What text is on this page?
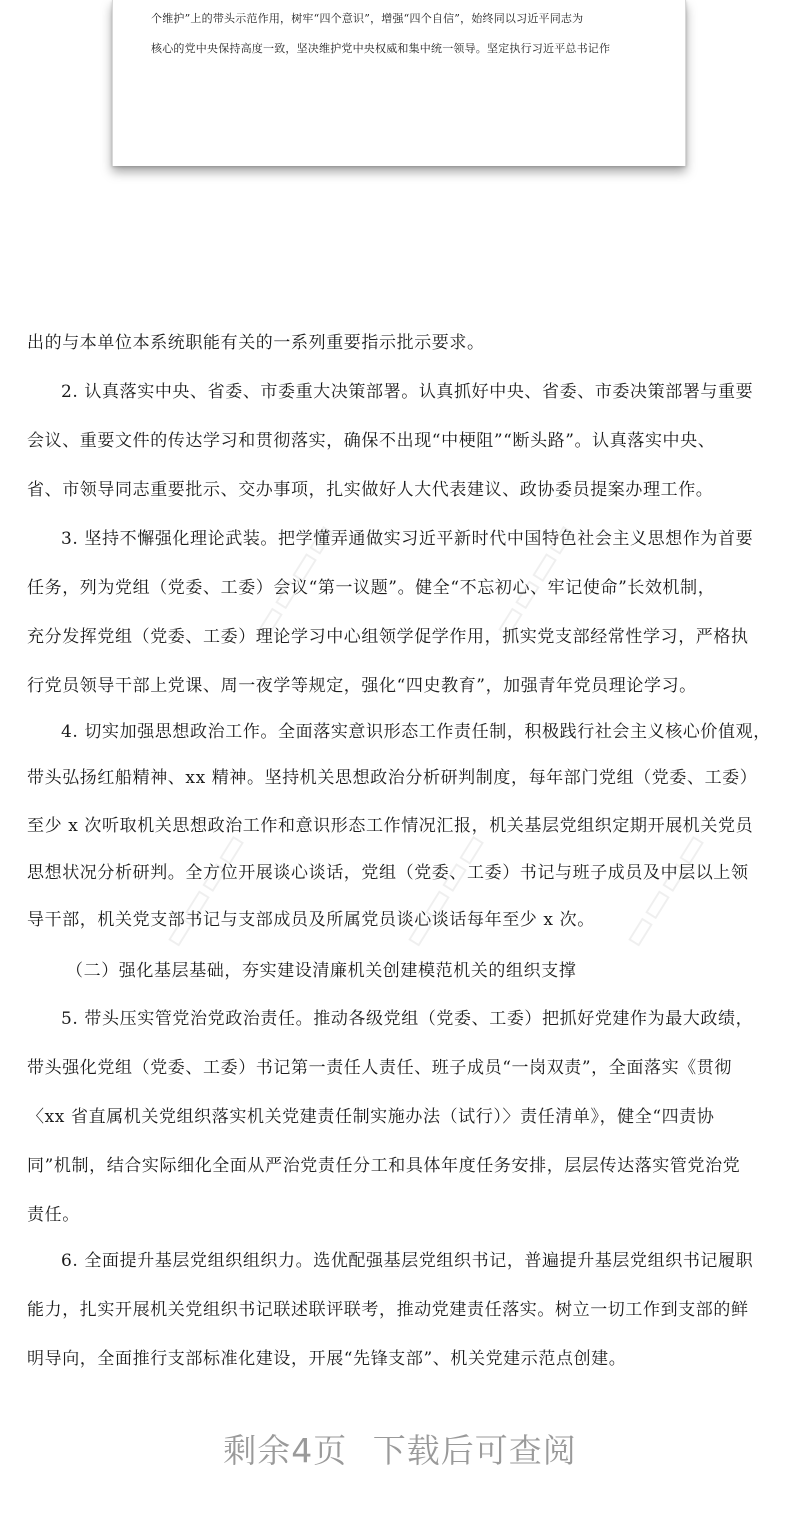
个维护”上的带头示范作用，树牢“四个意识”，增强“四个自信”，始终同以习近平同志为
核心的党中央保持高度一致，坚决维护党中央权威和集中统一领导。坚定执行习近平总书记作
▭▭▭▭	▭▭▭▭
▭▭▭▭	▭▭▭▭	▭▭▭▭
出的与本单位本系统职能有关的一系列重要指示批示要求。
2. 认真落实中央、省委、市委重大决策部署。认真抓好中央、省委、市委决策部署与重要
会议、重要文件的传达学习和贯彻落实，确保不出现“中梗阻”“断头路”。认真落实中央、
省、市领导同志重要批示、交办事项，扎实做好人大代表建议、政协委员提案办理工作。
3. 坚持不懈强化理论武装。把学懂弄通做实习近平新时代中国特色社会主义思想作为首要
任务，列为党组（党委、工委）会议“第一议题”。健全“不忘初心、牢记使命”长效机制，
充分发挥党组（党委、工委）理论学习中心组领学促学作用，抓实党支部经常性学习，严格执
行党员领导干部上党课、周一夜学等规定，强化“四史教育”，加强青年党员理论学习。
4. 切实加强思想政治工作。全面落实意识形态工作责任制，积极践行社会主义核心价值观，
带头弘扬红船精神、xx 精神。坚持机关思想政治分析研判制度，每年部门党组（党委、工委）
至少 x 次听取机关思想政治工作和意识形态工作情况汇报，机关基层党组织定期开展机关党员
思想状况分析研判。全方位开展谈心谈话，党组（党委、工委）书记与班子成员及中层以上领
导干部，机关党支部书记与支部成员及所属党员谈心谈话每年至少 x 次。
（二）强化基层基础，夯实建设清廉机关创建模范机关的组织支撑
5. 带头压实管党治党政治责任。推动各级党组（党委、工委）把抓好党建作为最大政绩，
带头强化党组（党委、工委）书记第一责任人责任、班子成员“一岗双责”，全面落实《贯彻
〈xx 省直属机关党组织落实机关党建责任制实施办法（试行）〉责任清单》，健全“四责协
同”机制，结合实际细化全面从严治党责任分工和具体年度任务安排，层层传达落实管党治党
责任。
6. 全面提升基层党组织组织力。选优配强基层党组织书记，普遍提升基层党组织书记履职
能力，扎实开展机关党组织书记联述联评联考，推动党建责任落实。树立一切工作到支部的鲜
明导向，全面推行支部标准化建设，开展“先锋支部”、机关党建示范点创建。
剩余4页 下载后可查阅
